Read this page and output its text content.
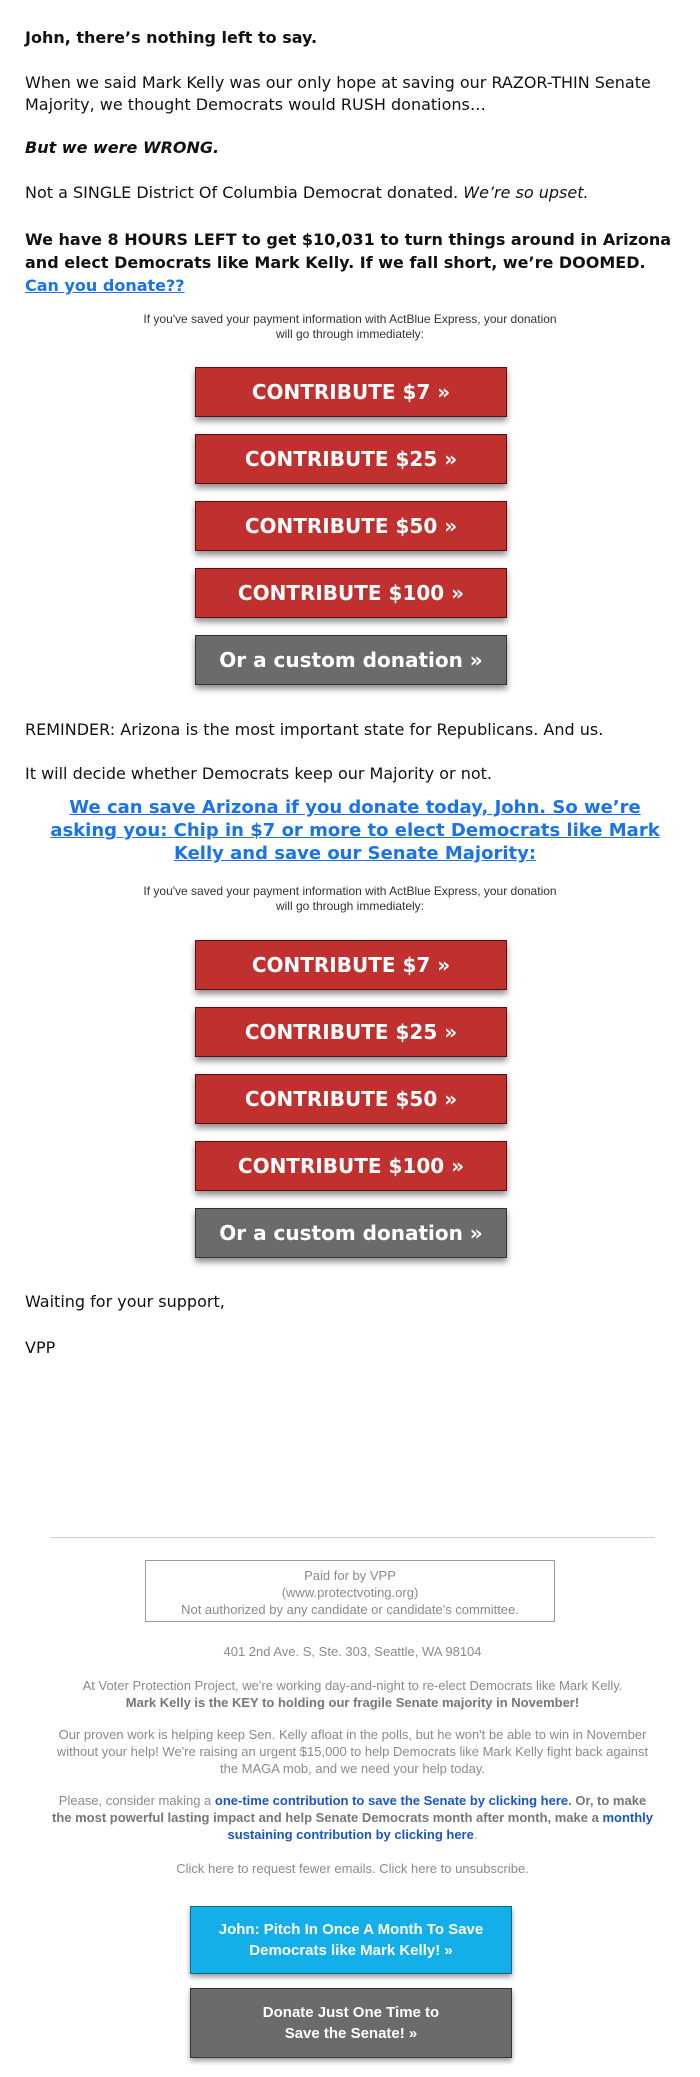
John, there’s nothing left to say.

When we said Mark Kelly was our only hope at saving our RAZOR-THIN Senate Majority, we thought Democrats would RUSH donations…

But we were WRONG.

Not a SINGLE District Of Columbia Democrat donated. We’re so upset.

We have 8 HOURS LEFT to get $10,031 to turn things around in Arizona and elect Democrats like Mark Kelly. If we fall short, we’re DOOMED. Can you donate??

If you've saved your payment information with ActBlue Express, your donation
will go through immediately:
CONTRIBUTE $7 »
CONTRIBUTE $25 »
CONTRIBUTE $50 »
CONTRIBUTE $100 »
Or a custom donation »

REMINDER: Arizona is the most important state for Republicans. And us.

It will decide whether Democrats keep our Majority or not.

We can save Arizona if you donate today, John. So we’re asking you: Chip in $7 or more to elect Democrats like Mark Kelly and save our Senate Majority:
If you've saved your payment information with ActBlue Express, your donation
will go through immediately:
CONTRIBUTE $7 »
CONTRIBUTE $25 »
CONTRIBUTE $50 »
CONTRIBUTE $100 »
Or a custom donation »

Waiting for your support,

VPP

Paid for by VPP
(www.protectvoting.org)
Not authorized by any candidate or candidate's committee.

401 2nd Ave. S, Ste. 303, Seattle, WA 98104

At Voter Protection Project, we're working day-and-night to re-elect Democrats like Mark Kelly.
Mark Kelly is the KEY to holding our fragile Senate majority in November!

Our proven work is helping keep Sen. Kelly afloat in the polls, but he won't be able to win in November without your help! We're raising an urgent $15,000 to help Democrats like Mark Kelly fight back against the MAGA mob, and we need your help today.

Please, consider making a one-time contribution to save the Senate by clicking here. Or, to make the most powerful lasting impact and help Senate Democrats month after month, make a monthly sustaining contribution by clicking here.

Click here to request fewer emails. Click here to unsubscribe.

John: Pitch In Once A Month To Save
Democrats like Mark Kelly! »
Donate Just One Time to
Save the Senate! »
